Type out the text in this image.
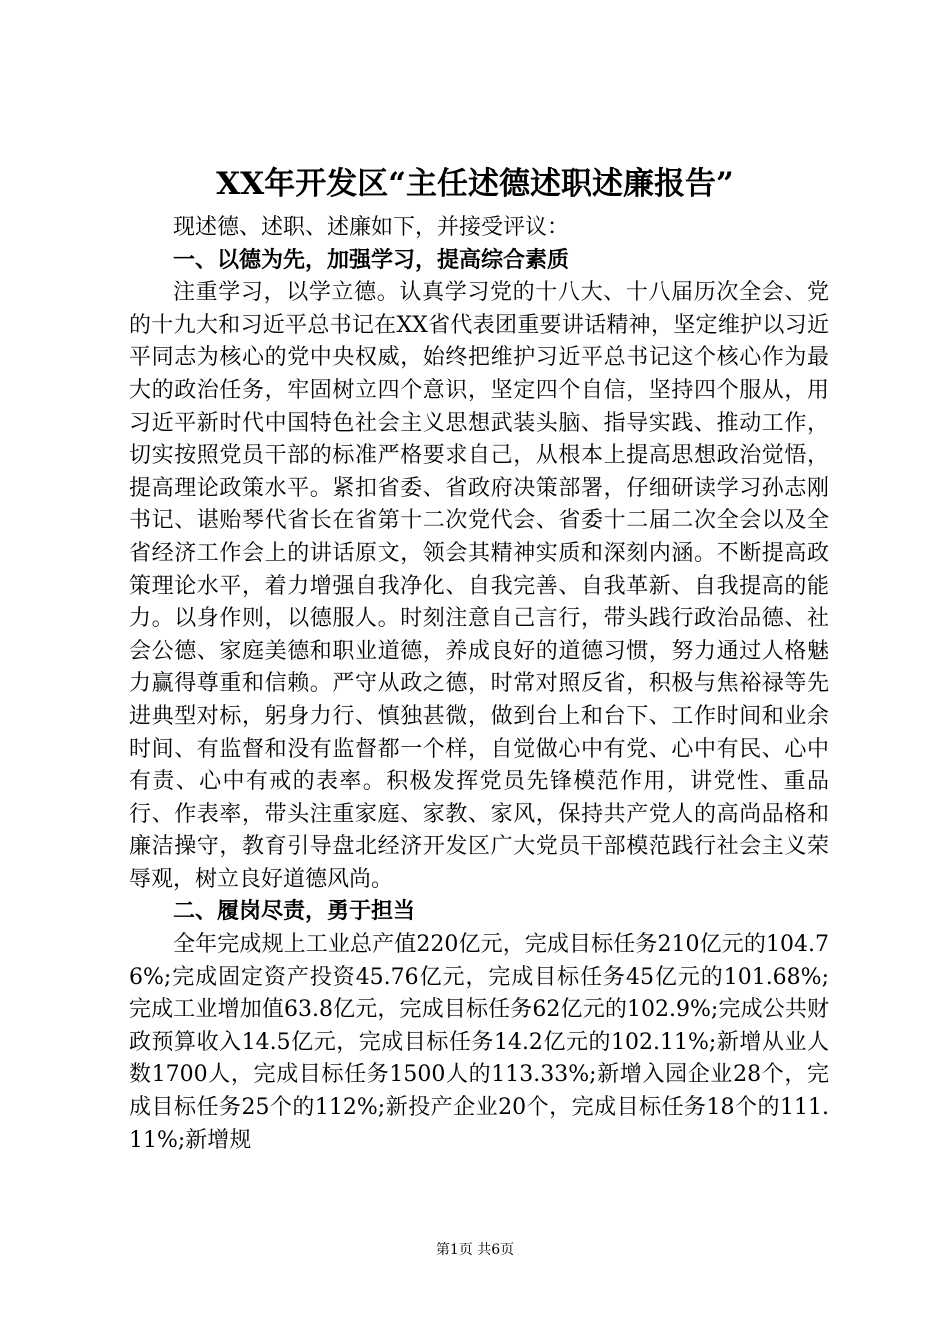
XX年开发区“主任述德述职述廉报告”

现述德、述职、述廉如下，并接受评议：

一、以德为先，加强学习，提高综合素质

注重学习，以学立德。认真学习党的十八大、十八届历次全会、党的十九大和习近平总书记在XX省代表团重要讲话精神，坚定维护以习近平同志为核心的党中央权威，始终把维护习近平总书记这个核心作为最大的政治任务，牢固树立四个意识，坚定四个自信，坚持四个服从，用习近平新时代中国特色社会主义思想武装头脑、指导实践、推动工作，切实按照党员干部的标准严格要求自己，从根本上提高思想政治觉悟，提高理论政策水平。紧扣省委、省政府决策部署，仔细研读学习孙志刚书记、谌贻琴代省长在省第十二次党代会、省委十二届二次全会以及全省经济工作会上的讲话原文，领会其精神实质和深刻内涵。不断提高政策理论水平，着力增强自我净化、自我完善、自我革新、自我提高的能力。以身作则，以德服人。时刻注意自己言行，带头践行政治品德、社会公德、家庭美德和职业道德，养成良好的道德习惯，努力通过人格魅力赢得尊重和信赖。严守从政之德，时常对照反省，积极与焦裕禄等先进典型对标，躬身力行、慎独甚微，做到台上和台下、工作时间和业余时间、有监督和没有监督都一个样，自觉做心中有党、心中有民、心中有责、心中有戒的表率。积极发挥党员先锋模范作用，讲党性、重品行、作表率，带头注重家庭、家教、家风，保持共产党人的高尚品格和廉洁操守，教育引导盘北经济开发区广大党员干部模范践行社会主义荣辱观，树立良好道德风尚。

二、履岗尽责，勇于担当

全年完成规上工业总产值220亿元，完成目标任务210亿元的104.76%;完成固定资产投资45.76亿元，完成目标任务45亿元的101.68%;完成工业增加值63.8亿元，完成目标任务62亿元的102.9%;完成公共财政预算收入14.5亿元，完成目标任务14.2亿元的102.11%;新增从业人数1700人，完成目标任务1500人的113.33%;新增入园企业28个，完成目标任务25个的112%;新投产企业20个，完成目标任务18个的111.11%;新增规

第1页 共6页
